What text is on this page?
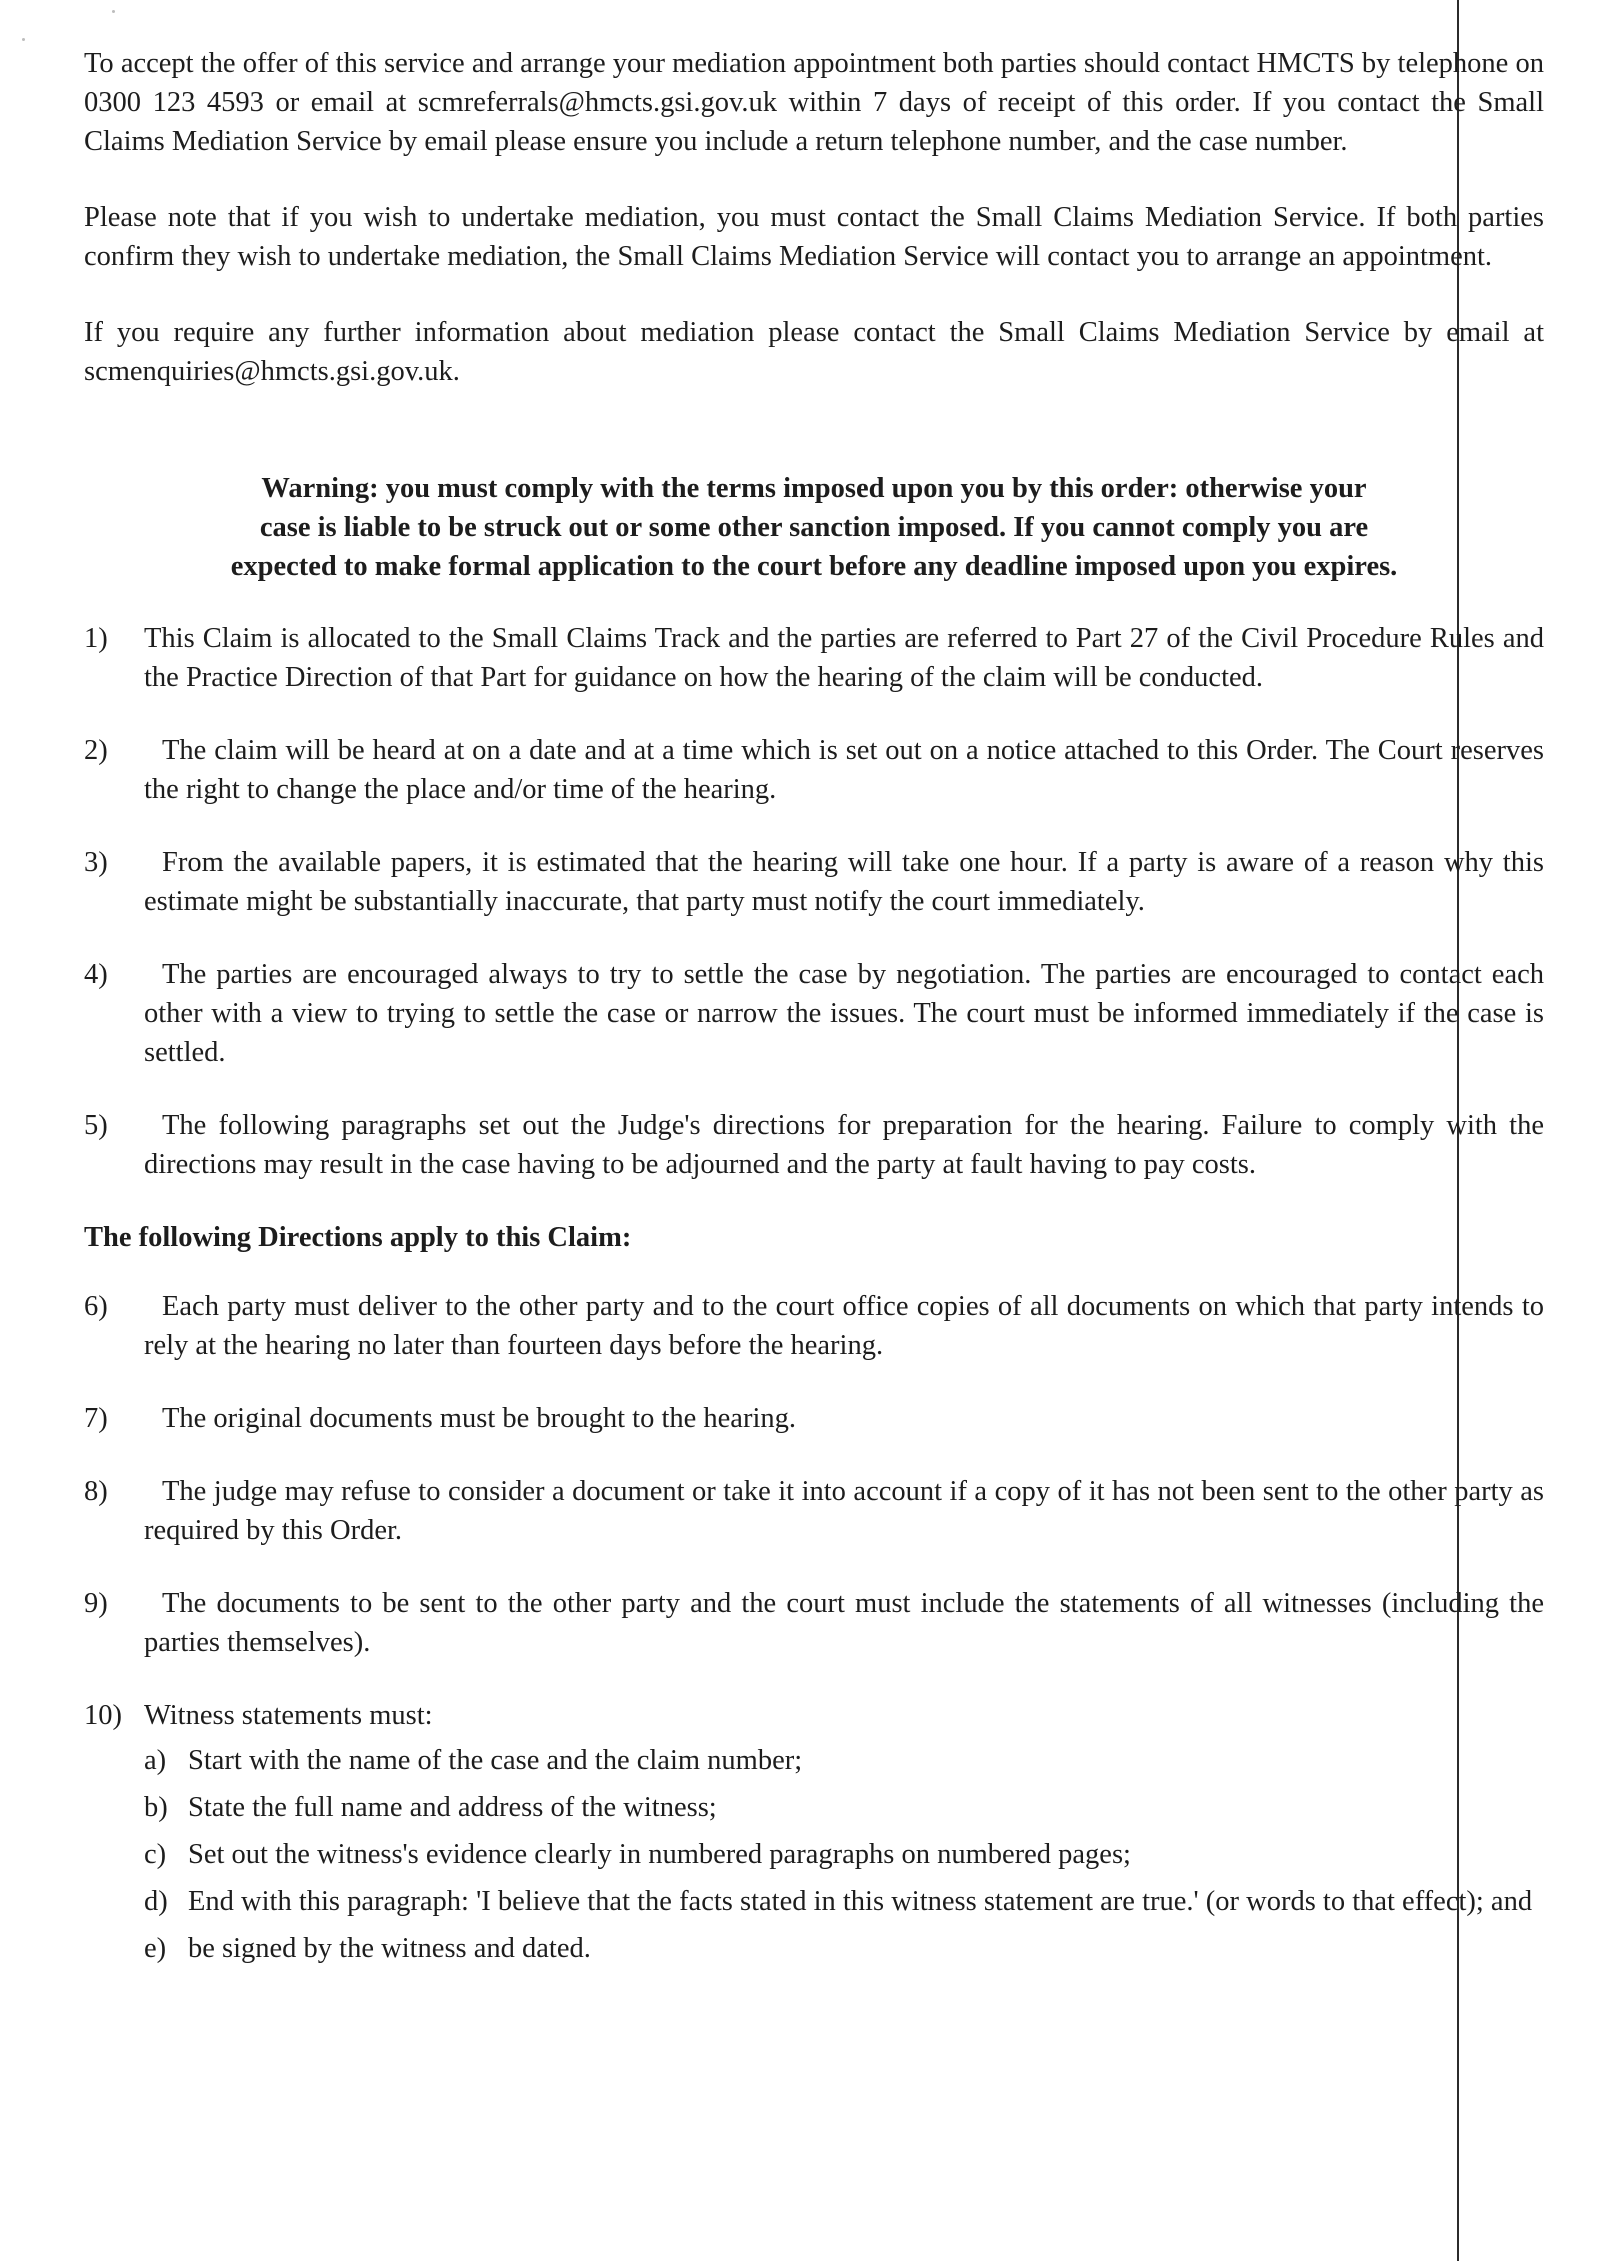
To accept the offer of this service and arrange your mediation appointment both parties should contact HMCTS by telephone on 0300 123 4593 or email at scmreferrals@hmcts.gsi.gov.uk within 7 days of receipt of this order. If you contact the Small Claims Mediation Service by email please ensure you include a return telephone number, and the case number.

Please note that if you wish to undertake mediation, you must contact the Small Claims Mediation Service. If both parties confirm they wish to undertake mediation, the Small Claims Mediation Service will contact you to arrange an appointment.

If you require any further information about mediation please contact the Small Claims Mediation Service by email at scmenquiries@hmcts.gsi.gov.uk.

Warning: you must comply with the terms imposed upon you by this order: otherwise your
case is liable to be struck out or some other sanction imposed. If you cannot comply you are
expected to make formal application to the court before any deadline imposed upon you expires.
1)	This Claim is allocated to the Small Claims Track and the parties are referred to Part 27 of the Civil Procedure Rules and the Practice Direction of that Part for guidance on how the hearing of the claim will be conducted.
2)	The claim will be heard at on a date and at a time which is set out on a notice attached to this Order. The Court reserves the right to change the place and/or time of the hearing.
3)	From the available papers, it is estimated that the hearing will take one hour. If a party is aware of a reason why this estimate might be substantially inaccurate, that party must notify the court immediately.
4)	The parties are encouraged always to try to settle the case by negotiation. The parties are encouraged to contact each other with a view to trying to settle the case or narrow the issues. The court must be informed immediately if the case is settled.
5)	The following paragraphs set out the Judge's directions for preparation for the hearing. Failure to comply with the directions may result in the case having to be adjourned and the party at fault having to pay costs.
The following Directions apply to this Claim:
6)	Each party must deliver to the other party and to the court office copies of all documents on which that party intends to rely at the hearing no later than fourteen days before the hearing.
7)	The original documents must be brought to the hearing.
8)	The judge may refuse to consider a document or take it into account if a copy of it has not been sent to the other party as required by this Order.
9)	The documents to be sent to the other party and the court must include the statements of all witnesses (including the parties themselves).
10) Witness statements must:
a) Start with the name of the case and the claim number;
b) State the full name and address of the witness;
c) Set out the witness's evidence clearly in numbered paragraphs on numbered pages;
d) End with this paragraph: 'I believe that the facts stated in this witness statement are true.' (or words to that effect); and
e) be signed by the witness and dated.
